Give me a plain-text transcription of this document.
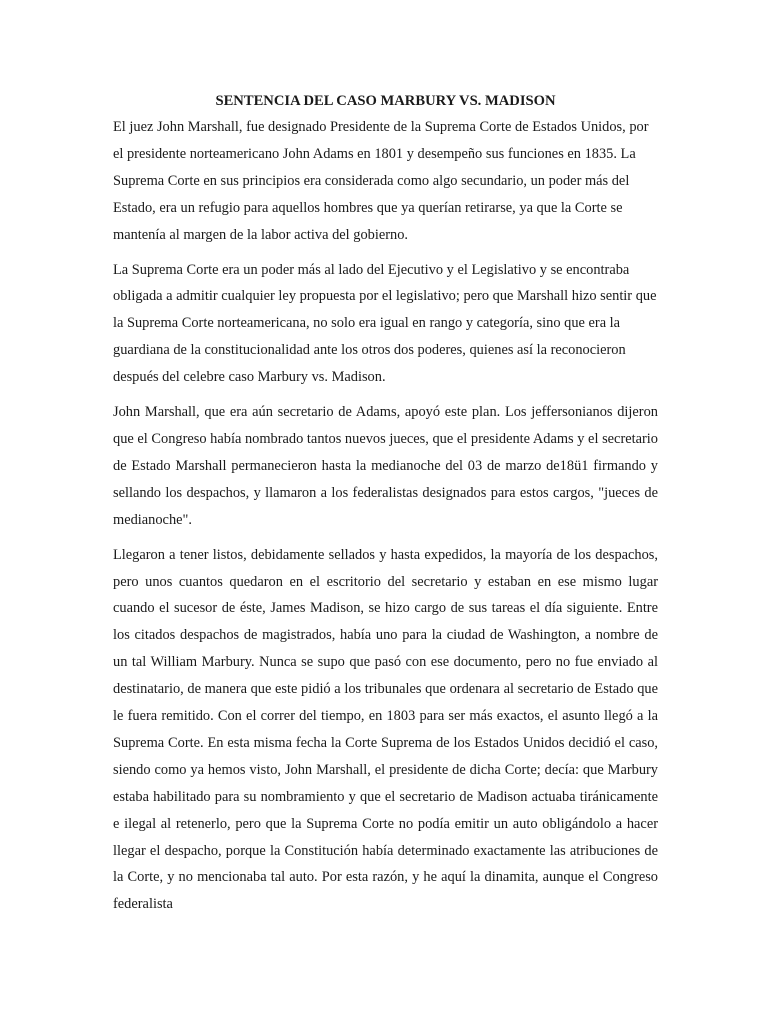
SENTENCIA DEL CASO MARBURY VS. MADISON

El juez John Marshall, fue designado Presidente de la Suprema Corte de Estados Unidos, por el presidente norteamericano John Adams en 1801 y desempeño sus funciones en 1835. La Suprema Corte en sus principios era considerada como algo secundario, un poder más del Estado, era un refugio para aquellos hombres que ya querían retirarse, ya que la Corte se mantenía al margen de la labor activa del gobierno.

La Suprema Corte era un poder más al lado del Ejecutivo y el Legislativo y se encontraba obligada a admitir cualquier ley propuesta por el legislativo; pero que Marshall hizo sentir que la Suprema Corte norteamericana, no solo era igual en rango y categoría, sino que era la guardiana de la constitucionalidad ante los otros dos poderes, quienes así la reconocieron después del celebre caso Marbury vs. Madison.

John Marshall, que era aún secretario de Adams, apoyó este plan. Los jeffersonianos dijeron que el Congreso había nombrado tantos nuevos jueces, que el presidente Adams y el secretario de Estado Marshall permanecieron hasta la medianoche del 03 de marzo de18ü1 firmando y sellando los despachos, y llamaron a los federalistas designados para estos cargos, "jueces de medianoche".

Llegaron a tener listos, debidamente sellados y hasta expedidos, la mayoría de los despachos, pero unos cuantos quedaron en el escritorio del secretario y estaban en ese mismo lugar cuando el sucesor de éste, James Madison, se hizo cargo de sus tareas el día siguiente. Entre los citados despachos de magistrados, había uno para la ciudad de Washington, a nombre de un tal William Marbury. Nunca se supo que pasó con ese documento, pero no fue enviado al destinatario, de manera que este pidió a los tribunales que ordenara al secretario de Estado que le fuera remitido. Con el correr del tiempo, en 1803 para ser más exactos, el asunto llegó a la Suprema Corte. En esta misma fecha la Corte Suprema de los Estados Unidos decidió el caso, siendo como ya hemos visto, John Marshall, el presidente de dicha Corte; decía: que Marbury estaba habilitado para su nombramiento y que el secretario de Madison actuaba tiránicamente e ilegal al retenerlo, pero que la Suprema Corte no podía emitir un auto obligándolo a hacer llegar el despacho, porque la Constitución había determinado exactamente las atribuciones de la Corte, y no mencionaba tal auto. Por esta razón, y he aquí la dinamita, aunque el Congreso federalista
